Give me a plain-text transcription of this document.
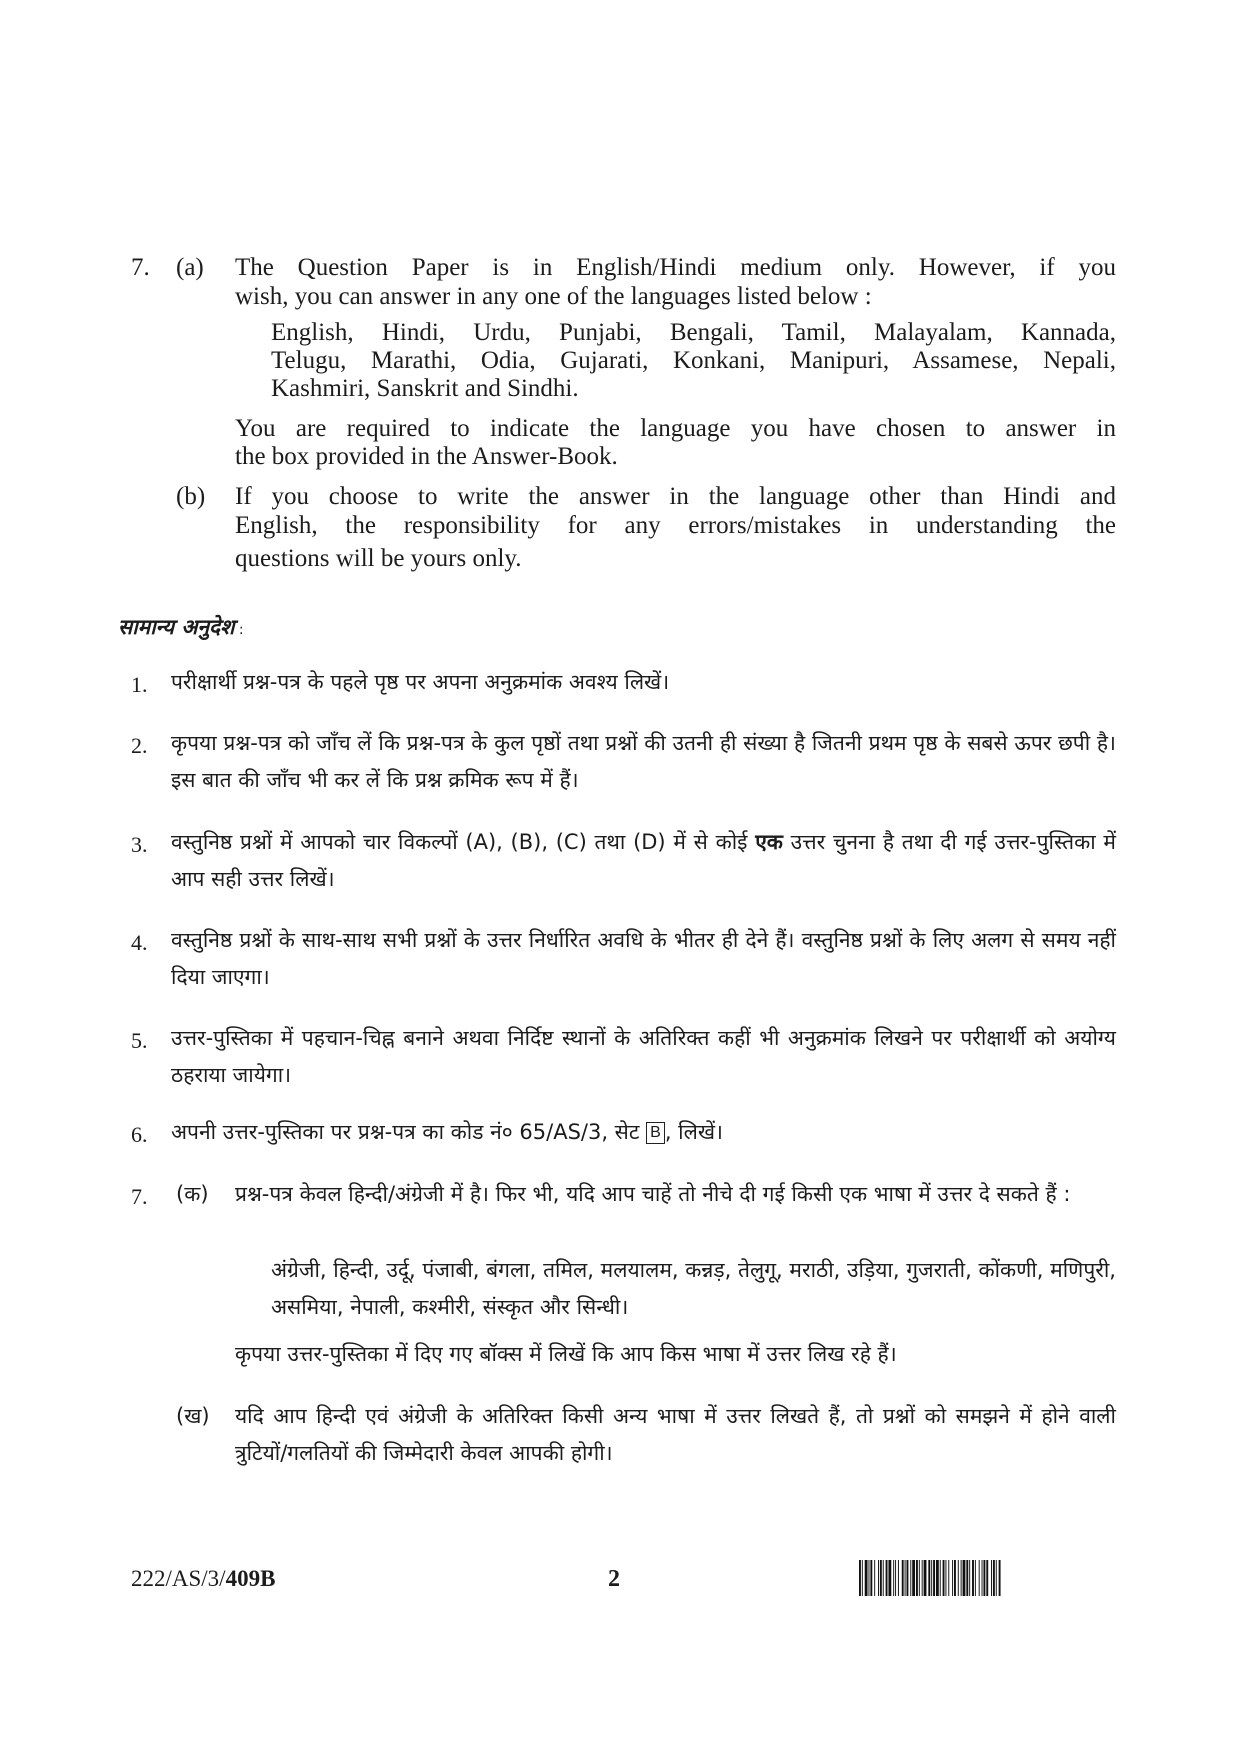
7. (a) The Question Paper is in English/Hindi medium only. However, if you
wish, you can answer in any one of the languages listed below :
English, Hindi, Urdu, Punjabi, Bengali, Tamil, Malayalam, Kannada,
Telugu, Marathi, Odia, Gujarati, Konkani, Manipuri, Assamese, Nepali,
Kashmiri, Sanskrit and Sindhi.
You are required to indicate the language you have chosen to answer in
the box provided in the Answer-Book.
(b) If you choose to write the answer in the language other than Hindi and
English, the responsibility for any errors/mistakes in understanding the
questions will be yours only.
सामान्य अनुदेश :
1. परीक्षार्थी प्रश्न-पत्र के पहले पृष्ठ पर अपना अनुक्रमांक अवश्य लिखें।
2. कृपया प्रश्न-पत्र को जाँच लें कि प्रश्न-पत्र के कुल पृष्ठों तथा प्रश्नों की उतनी ही संख्या है जितनी प्रथम पृष्ठ के सबसे ऊपर छपी है। इस बात की जाँच भी कर लें कि प्रश्न क्रमिक रूप में हैं।
3. वस्तुनिष्ठ प्रश्नों में आपको चार विकल्पों (A), (B), (C) तथा (D) में से कोई एक उत्तर चुनना है तथा दी गई उत्तर-पुस्तिका में आप सही उत्तर लिखें।
4. वस्तुनिष्ठ प्रश्नों के साथ-साथ सभी प्रश्नों के उत्तर निर्धारित अवधि के भीतर ही देने हैं। वस्तुनिष्ठ प्रश्नों के लिए अलग से समय नहीं दिया जाएगा।
5. उत्तर-पुस्तिका में पहचान-चिह्न बनाने अथवा निर्दिष्ट स्थानों के अतिरिक्त कहीं भी अनुक्रमांक लिखने पर परीक्षार्थी को अयोग्य ठहराया जायेगा।
6. अपनी उत्तर-पुस्तिका पर प्रश्न-पत्र का कोड नं० 65/AS/3, सेट B , लिखें।
7. (क) प्रश्न-पत्र केवल हिन्दी/अंग्रेजी में है। फिर भी, यदि आप चाहें तो नीचे दी गई किसी एक भाषा में उत्तर दे सकते हैं :
अंग्रेजी, हिन्दी, उर्दू, पंजाबी, बंगला, तमिल, मलयालम, कन्नड़, तेलुगू, मराठी, उड़िया, गुजराती, कोंकणी, मणिपुरी, असमिया, नेपाली, कश्मीरी, संस्कृत और सिन्धी।
कृपया उत्तर-पुस्तिका में दिए गए बॉक्स में लिखें कि आप किस भाषा में उत्तर लिख रहे हैं।
(ख) यदि आप हिन्दी एवं अंग्रेजी के अतिरिक्त किसी अन्य भाषा में उत्तर लिखते हैं, तो प्रश्नों को समझने में होने वाली त्रुटियों/गलतियों की जिम्मेदारी केवल आपकी होगी।
222/AS/3/409B	2
